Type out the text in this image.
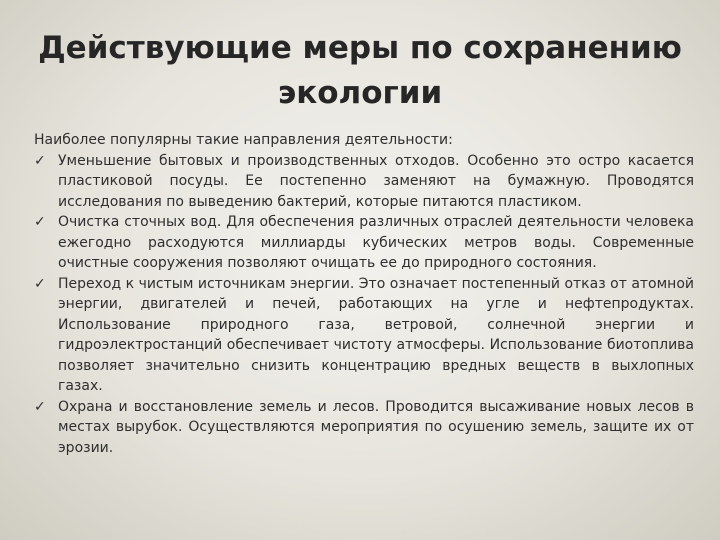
Действующие меры по сохранению
экологии

Наиболее популярны такие направления деятельности:

✓ Уменьшение бытовых и производственных отходов. Особенно это остро касается пластиковой посуды. Ее постепенно заменяют на бумажную. Проводятся исследования по выведению бактерий, которые питаются пластиком.
✓ Очистка сточных вод. Для обеспечения различных отраслей деятельности человека ежегодно расходуются миллиарды кубических метров воды. Современные очистные сооружения позволяют очищать ее до природного состояния.
✓ Переход к чистым источникам энергии. Это означает постепенный отказ от атомной энергии, двигателей и печей, работающих на угле и нефтепродуктах. Использование природного газа, ветровой, солнечной энергии и гидроэлектростанций обеспечивает чистоту атмосферы. Использование биотоплива позволяет значительно снизить концентрацию вредных веществ в выхлопных газах.
✓ Охрана и восстановление земель и лесов. Проводится высаживание новых лесов в местах вырубок. Осуществляются мероприятия по осушению земель, защите их от эрозии.
